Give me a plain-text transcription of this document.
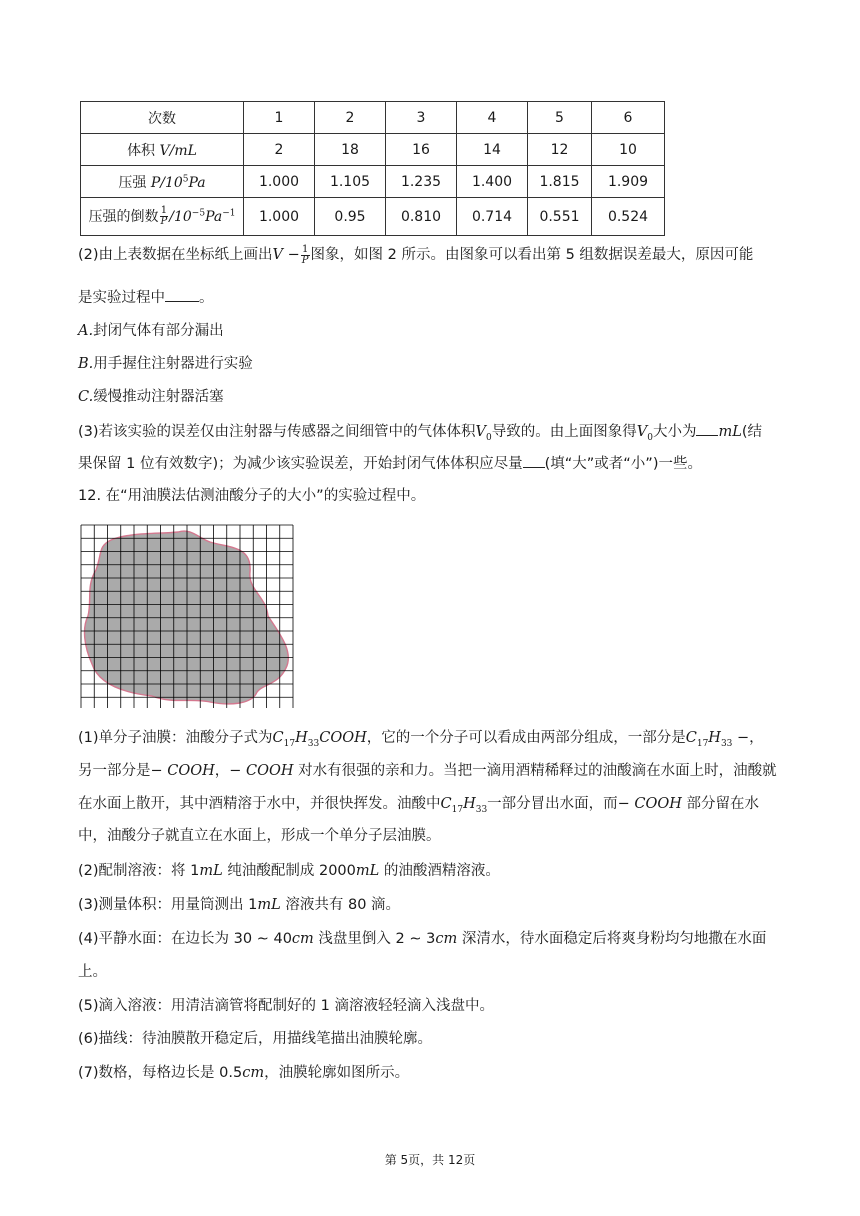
次数	1	2	3	4	5	6
体积 V/mL	2	18	16	14	12	10
压强 $P/10^5Pa$	1.000	1.105	1.235	1.400	1.815	1.909
压强的倒数 $\frac{1}{P} /10^{-5}Pa^{-1}$	1.000	0.95	0.810	0.714	0.551	0.524
(2)由上表数据在坐标纸上画出$V - \frac{1}{P}$ 图象，如图 2 所示。由图象可以看出第 5 组数据误差最大，原因可能
是实验过程中 。
A.封闭气体有部分漏出
B.用手握住注射器进行实验
C.缓慢推动注射器活塞
(3)若该实验的误差仅由注射器与传感器之间细管中的气体体积$V_0$导致的。由上面图象得$V_0$大小为 mL(结
果保留 1 位有效数字)；为减少该实验误差，开始封闭气体体积应尽量 (填“大”或者“小”)一些。
12. 在“用油膜法估测油酸分子的大小”的实验过程中。
(1)单分子油膜：油酸分子式为$C_{17}H_{33}COOH$，它的一个分子可以看成由两部分组成，一部分是$C_{17}H_{33}$ −，
另一部分是− COOH，− COOH 对水有很强的亲和力。当把一滴用酒精稀释过的油酸滴在水面上时，油酸就
在水面上散开，其中酒精溶于水中，并很快挥发。油酸中$C_{17}H_{33}$一部分冒出水面，而− COOH 部分留在水
中，油酸分子就直立在水面上，形成一个单分子层油膜。
(2)配制溶液：将 1mL 纯油酸配制成 2000mL 的油酸酒精溶液。
(3)测量体积：用量筒测出 1mL 溶液共有 80 滴。
(4)平静水面：在边长为 30 ∼ 40cm 浅盘里倒入 2 ∼ 3cm 深清水，待水面稳定后将爽身粉均匀地撒在水面
上。
(5)滴入溶液：用清洁滴管将配制好的 1 滴溶液轻轻滴入浅盘中。
(6)描线：待油膜散开稳定后，用描线笔描出油膜轮廓。
(7)数格，每格边长是 0.5cm，油膜轮廓如图所示。
第 5页，共 12页
